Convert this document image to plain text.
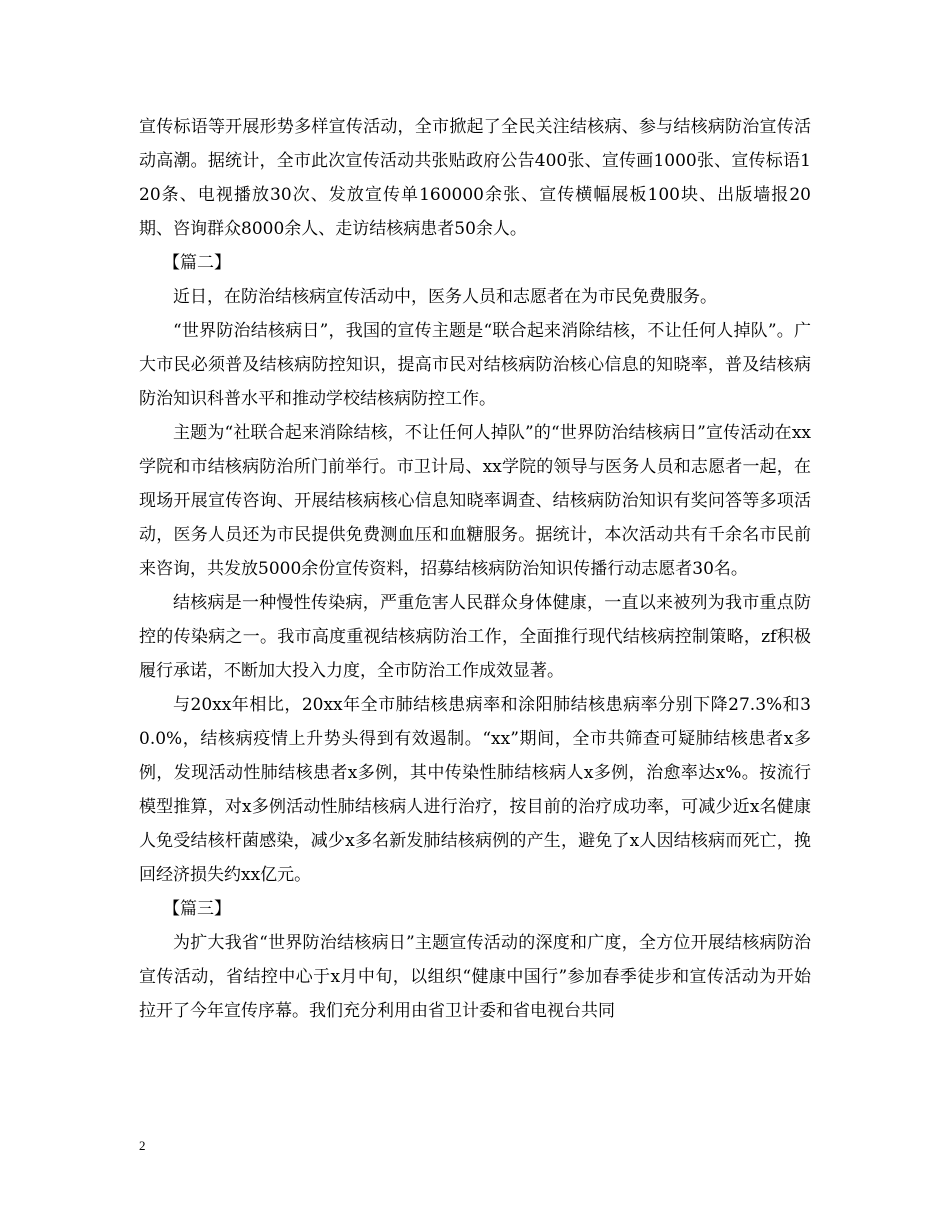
宣传标语等开展形势多样宣传活动，全市掀起了全民关注结核病、参与结核病防治宣传活动高潮。据统计，全市此次宣传活动共张贴政府公告400张、宣传画1000张、宣传标语120条、电视播放30次、发放宣传单160000余张、宣传横幅展板100块、出版墙报20期、咨询群众8000余人、走访结核病患者50余人。

【篇二】

近日，在防治结核病宣传活动中，医务人员和志愿者在为市民免费服务。

“世界防治结核病日”，我国的宣传主题是“联合起来消除结核，不让任何人掉队”。广大市民必须普及结核病防控知识，提高市民对结核病防治核心信息的知晓率，普及结核病防治知识科普水平和推动学校结核病防控工作。

主题为“社联合起来消除结核，不让任何人掉队”的“世界防治结核病日”宣传活动在xx学院和市结核病防治所门前举行。市卫计局、xx学院的领导与医务人员和志愿者一起，在现场开展宣传咨询、开展结核病核心信息知晓率调查、结核病防治知识有奖问答等多项活动，医务人员还为市民提供免费测血压和血糖服务。据统计，本次活动共有千余名市民前来咨询，共发放5000余份宣传资料，招募结核病防治知识传播行动志愿者30名。

结核病是一种慢性传染病，严重危害人民群众身体健康，一直以来被列为我市重点防控的传染病之一。我市高度重视结核病防治工作，全面推行现代结核病控制策略，zf积极履行承诺，不断加大投入力度，全市防治工作成效显著。

与20xx年相比，20xx年全市肺结核患病率和涂阳肺结核患病率分别下降27.3%和30.0%，结核病疫情上升势头得到有效遏制。“xx”期间，全市共筛查可疑肺结核患者x多例，发现活动性肺结核患者x多例，其中传染性肺结核病人x多例，治愈率达x%。按流行模型推算，对x多例活动性肺结核病人进行治疗，按目前的治疗成功率，可减少近x名健康人免受结核杆菌感染，减少x多名新发肺结核病例的产生，避免了x人因结核病而死亡，挽回经济损失约xx亿元。

【篇三】

为扩大我省“世界防治结核病日”主题宣传活动的深度和广度，全方位开展结核病防治宣传活动，省结控中心于x月中旬，以组织“健康中国行”参加春季徒步和宣传活动为开始拉开了今年宣传序幕。我们充分利用由省卫计委和省电视台共同

2
